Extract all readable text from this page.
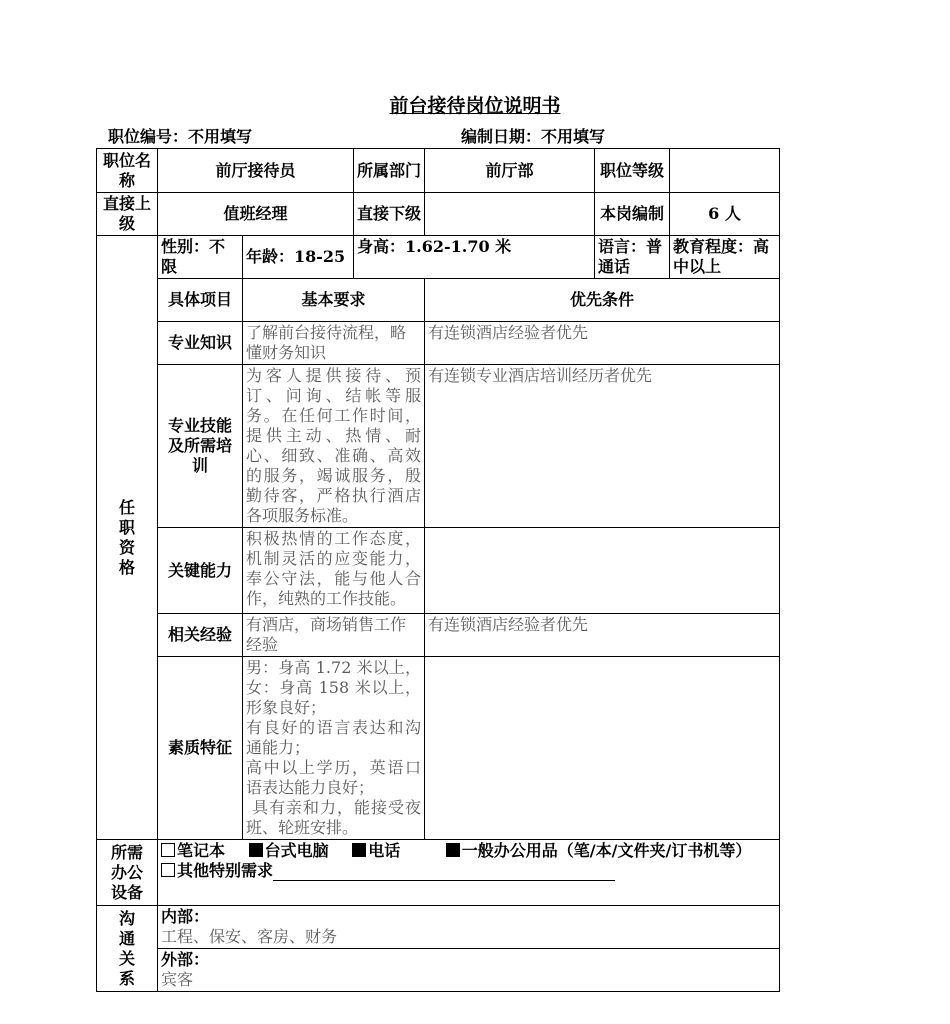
前台接待岗位说明书
职位编号：不用填写	编制日期：不用填写
职位名称	前厅接待员		所属部门	前厅部	职位等级	
直接上级	值班经理		直接下级		本岗编制	6 人
任职资格	性别：不限	年龄：18-25	身高：1.62-1.70 米		语言：普通话	教育程度：高中以上
	具体项目	基本要求		优先条件		
	专业知识	了解前台接待流程，略懂财务知识		有连锁酒店经验者优先		
	专业技能及所需培训	为客人提供接待、预订、问询、结帐等服务。在任何工作时间，提供主动、热情、耐心、细致、准确、高效的服务，竭诚服务，殷勤待客，严格执行酒店各项服务标准。		有连锁专业酒店培训经历者优先		
	关键能力	积极热情的工作态度，机制灵活的应变能力，奉公守法，能与他人合作，纯熟的工作技能。				
	相关经验	有酒店，商场销售工作经验		有连锁酒店经验者优先		
	素质特征	男：身高 1.72 米以上，女：身高 158 米以上，形象良好；
有良好的语言表达和沟通能力；
高中以上学历，英语口语表达能力良好；
具有亲和力，能接受夜班、轮班安排。				

所需办公设备	笔记本 台式电脑 电话 一般办公用品（笔/本/文件夹/订书机等）
其他特别需求					

沟通关系	内部：
工程、保安、客房、财务					

	外部：
宾客					
